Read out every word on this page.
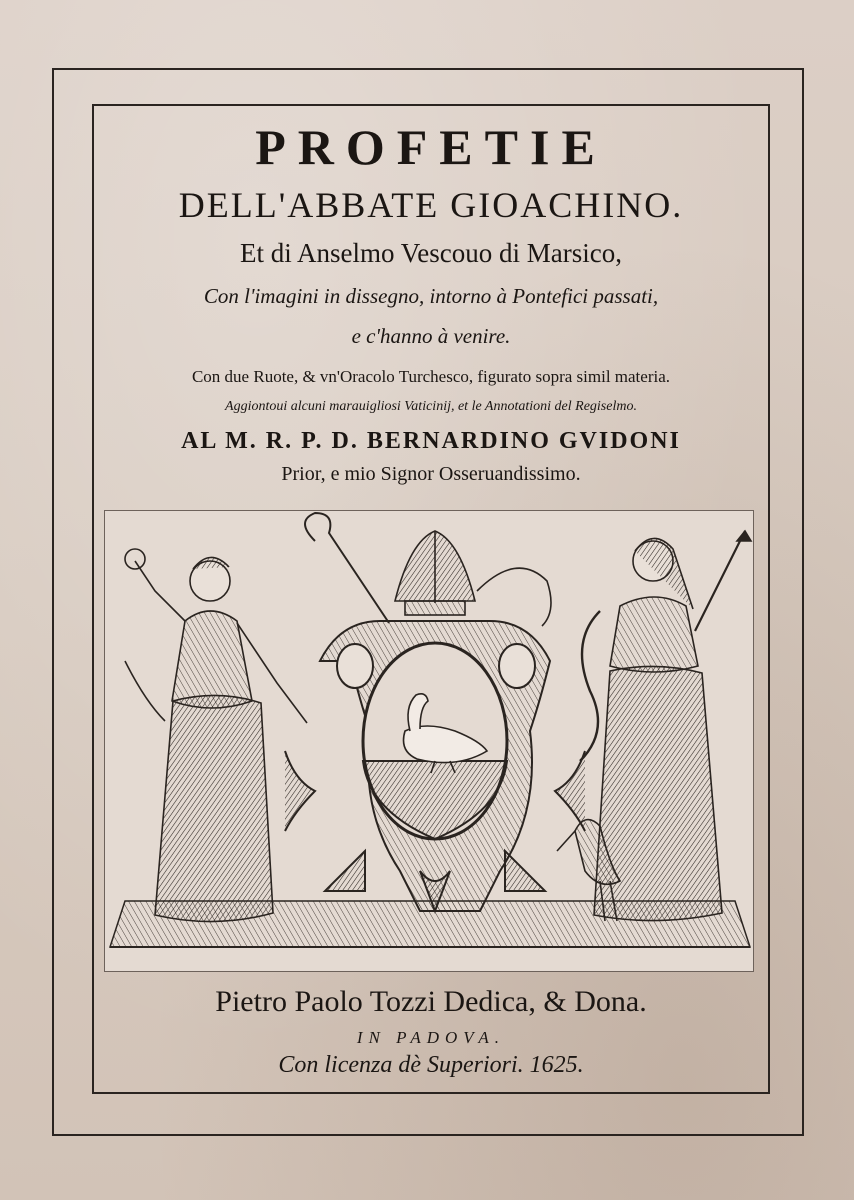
PROFETIE
DELL'ABBATE GIOACHINO.
Et di Anselmo Vescouo di Marsico,
Con l'imagini in dissegno, intorno à Pontefici passati,
e c'hanno à venire.
Con due Ruote, & vn'Oracolo Turchesco, figurato sopra simil materia.
Aggiontoui alcuni marauigliosi Vaticinij, et le Annotationi del Regiselmo.
AL M. R. P. D. BERNARDINO GVIDONI
Prior, e mio Signor Osseruandissimo.
Pietro Paolo Tozzi Dedica, & Dona.
IN PADOVA.
Con licenza dè Superiori. 1625.
